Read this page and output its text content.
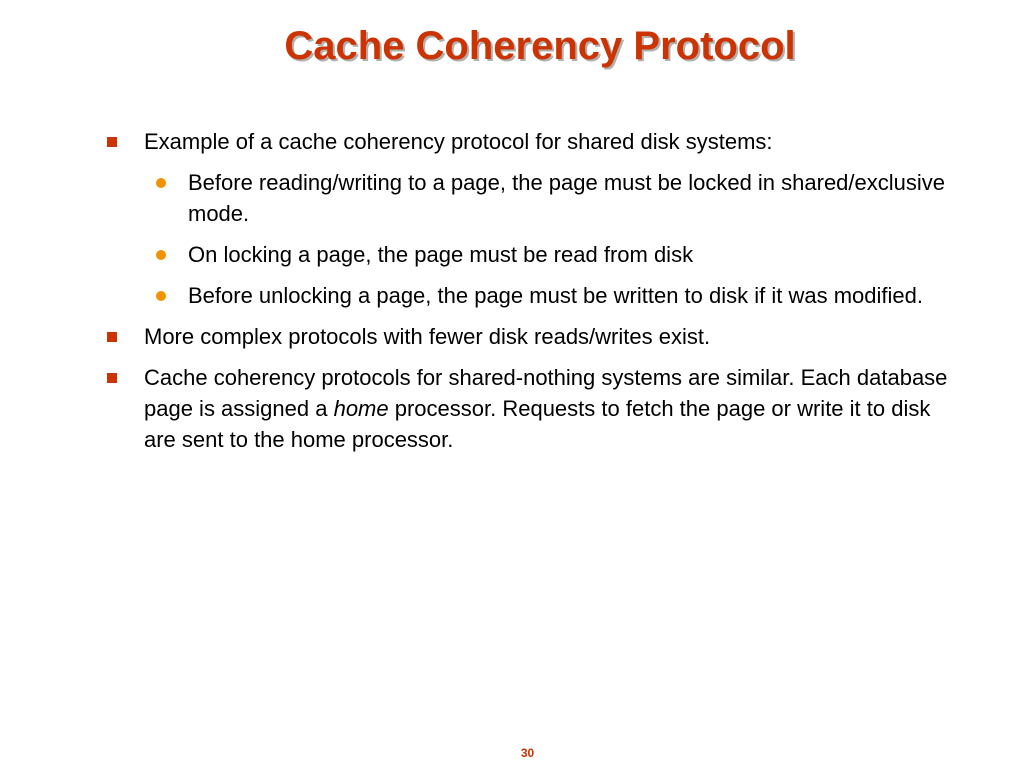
Cache Coherency Protocol
Example of a cache coherency protocol for shared disk systems:
Before reading/writing to a page, the page must be locked in shared/exclusive mode.
On locking a page, the page must be read from disk
Before unlocking a page, the page must be written to disk if it was modified.
More complex protocols with fewer disk reads/writes exist.
Cache coherency protocols for shared-nothing systems are similar. Each database page is assigned a home processor. Requests to fetch the page or write it to disk are sent to the home processor.
30
